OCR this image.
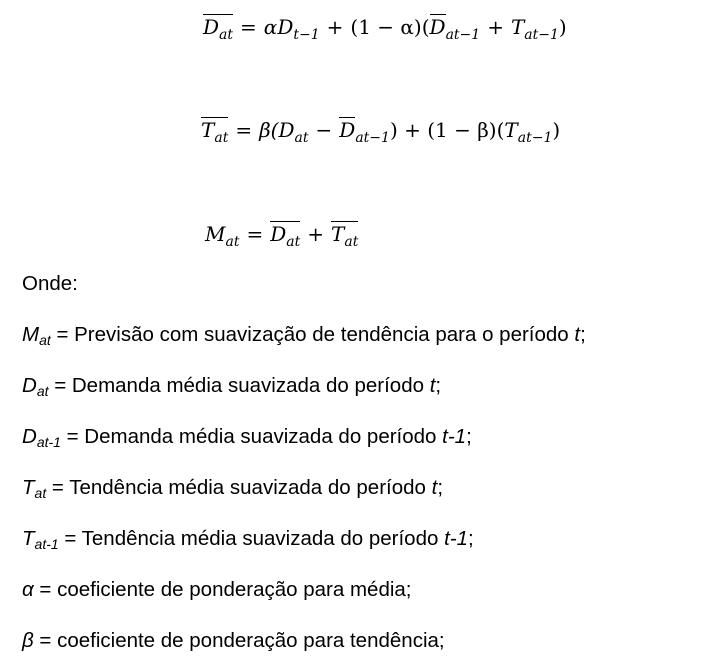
$D_{at} = \alpha D_{t-1} + (1 - \alpha)(D_{at-1} + T_{at-1})$
$T_{at} = \beta(D_{at} - D_{at-1}) + (1 - \beta)(T_{at-1})$
$M_{at} = D_{at} + T_{at}$
Onde:
$M_{at}$ = Previsão com suavização de tendência para o período t;
$D_{at}$ = Demanda média suavizada do período t;
$D_{at-1}$ = Demanda média suavizada do período t-1;
$T_{at}$ = Tendência média suavizada do período t;
$T_{at-1}$ = Tendência média suavizada do período t-1;
α = coeficiente de ponderação para média;
β = coeficiente de ponderação para tendência;
